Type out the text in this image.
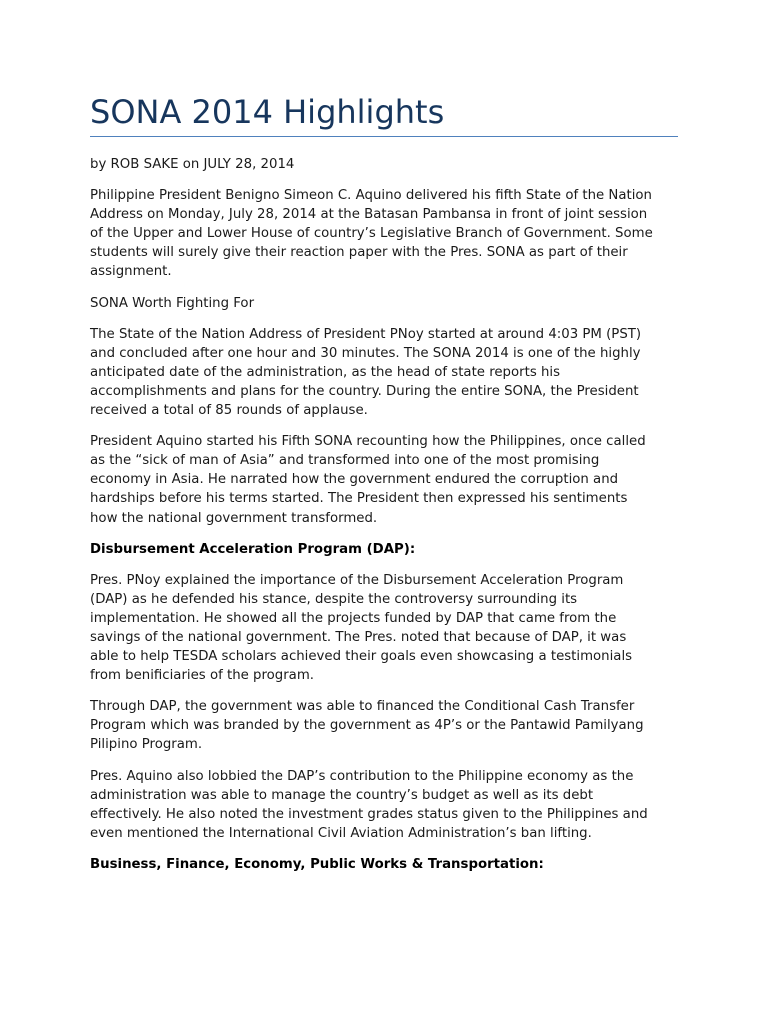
SONA 2014 Highlights

by ROB SAKE on JULY 28, 2014

Philippine President Benigno Simeon C. Aquino delivered his fifth State of the Nation
Address on Monday, July 28, 2014 at the Batasan Pambansa in front of joint session
of the Upper and Lower House of country’s Legislative Branch of Government. Some
students will surely give their reaction paper with the Pres. SONA as part of their
assignment.

SONA Worth Fighting For

The State of the Nation Address of President PNoy started at around 4:03 PM (PST)
and concluded after one hour and 30 minutes. The SONA 2014 is one of the highly
anticipated date of the administration, as the head of state reports his
accomplishments and plans for the country. During the entire SONA, the President
received a total of 85 rounds of applause.

President Aquino started his Fifth SONA recounting how the Philippines, once called
as the “sick of man of Asia” and transformed into one of the most promising
economy in Asia. He narrated how the government endured the corruption and
hardships before his terms started. The President then expressed his sentiments
how the national government transformed.

Disbursement Acceleration Program (DAP):

Pres. PNoy explained the importance of the Disbursement Acceleration Program
(DAP) as he defended his stance, despite the controversy surrounding its
implementation. He showed all the projects funded by DAP that came from the
savings of the national government. The Pres. noted that because of DAP, it was
able to help TESDA scholars achieved their goals even showcasing a testimonials
from benificiaries of the program.

Through DAP, the government was able to financed the Conditional Cash Transfer
Program which was branded by the government as 4P’s or the Pantawid Pamilyang
Pilipino Program.

Pres. Aquino also lobbied the DAP’s contribution to the Philippine economy as the
administration was able to manage the country’s budget as well as its debt
effectively. He also noted the investment grades status given to the Philippines and
even mentioned the International Civil Aviation Administration’s ban lifting.

Business, Finance, Economy, Public Works & Transportation:
